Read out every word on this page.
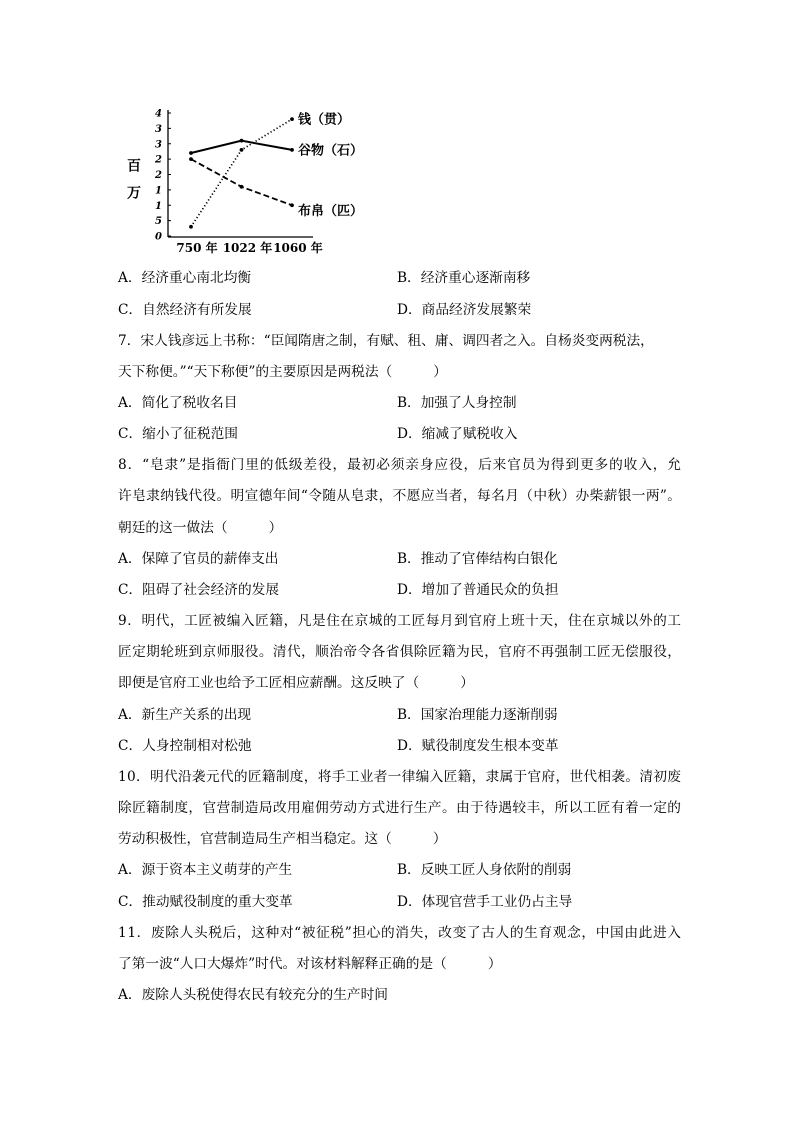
4
3
3
2
2
1
1
5
0
750 年 1022 年 1060 年
钱（贯）
谷物（石）
布帛（匹）
百万
A．经济重心南北均衡	B．经济重心逐渐南移
C．自然经济有所发展	D．商品经济发展繁荣
7．宋人钱彦远上书称：“臣闻隋唐之制，有赋、租、庸、调四者之入。自杨炎变两税法，
天下称便。”“天下称便”的主要原因是两税法（　　　）
A．简化了税收名目	B．加强了人身控制
C．缩小了征税范围	D．缩减了赋税收入
8．“皂隶”是指衙门里的低级差役，最初必须亲身应役，后来官员为得到更多的收入，允
许皂隶纳钱代役。明宣德年间“令随从皂隶，不愿应当者，每名月（中秋）办柴薪银一两”。
朝廷的这一做法（　　　）
A．保障了官员的薪俸支出	B．推动了官俸结构白银化
C．阻碍了社会经济的发展	D．增加了普通民众的负担
9．明代，工匠被编入匠籍，凡是住在京城的工匠每月到官府上班十天，住在京城以外的工
匠定期轮班到京师服役。清代，顺治帝令各省俱除匠籍为民，官府不再强制工匠无偿服役，
即便是官府工业也给予工匠相应薪酬。这反映了（　　　）
A．新生产关系的出现	B．国家治理能力逐渐削弱
C．人身控制相对松弛	D．赋役制度发生根本变革
10．明代沿袭元代的匠籍制度，将手工业者一律编入匠籍，隶属于官府，世代相袭。清初废
除匠籍制度，官营制造局改用雇佣劳动方式进行生产。由于待遇较丰，所以工匠有着一定的
劳动积极性，官营制造局生产相当稳定。这（　　　）
A．源于资本主义萌芽的产生	B．反映工匠人身依附的削弱
C．推动赋役制度的重大变革	D．体现官营手工业仍占主导
11．废除人头税后，这种对“被征税”担心的消失，改变了古人的生育观念，中国由此进入
了第一波“人口大爆炸”时代。对该材料解释正确的是（　　　）
A．废除人头税使得农民有较充分的生产时间
